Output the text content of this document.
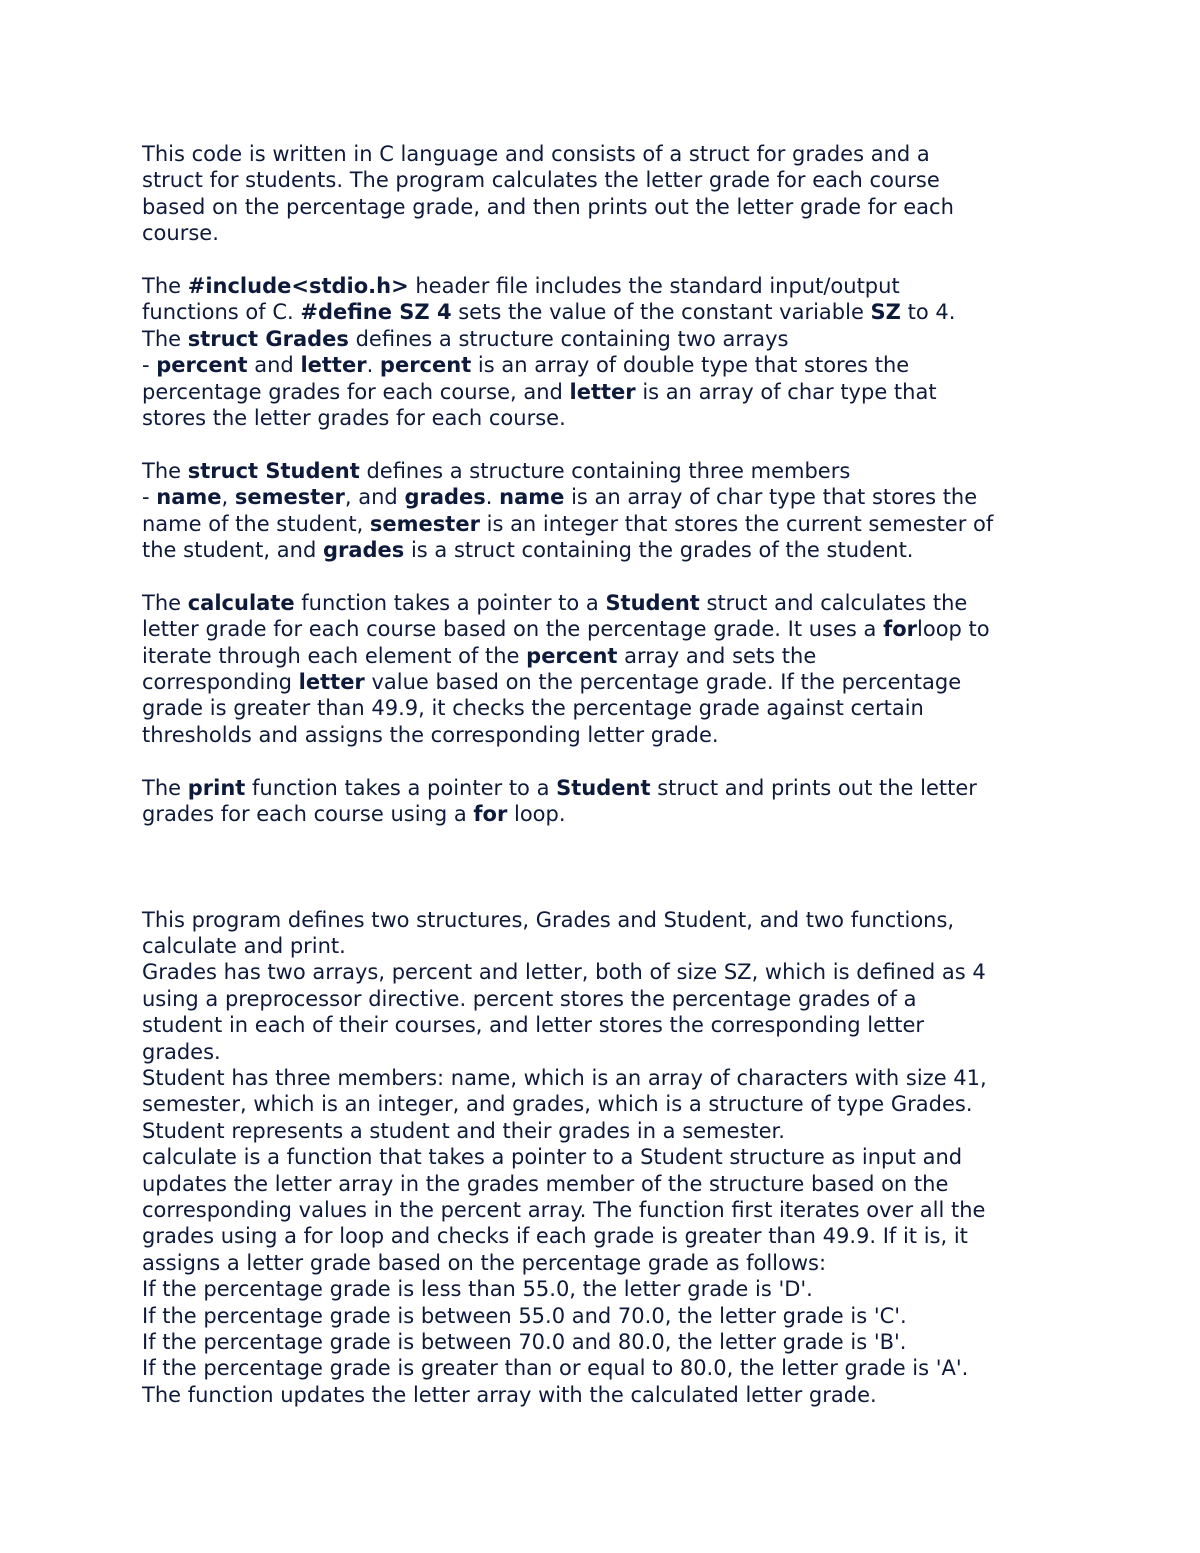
This code is written in C language and consists of a struct for grades and a
struct for students. The program calculates the letter grade for each course
based on the percentage grade, and then prints out the letter grade for each
course.
The #include<stdio.h> header file includes the standard input/output
functions of C. #define SZ 4 sets the value of the constant variable SZ to 4.
The struct Grades defines a structure containing two arrays
- percent and letter. percent is an array of double type that stores the
percentage grades for each course, and letter is an array of char type that
stores the letter grades for each course.
The struct Student defines a structure containing three members
- name, semester, and grades. name is an array of char type that stores the
name of the student, semester is an integer that stores the current semester of
the student, and grades is a struct containing the grades of the student.
The calculate function takes a pointer to a Student struct and calculates the
letter grade for each course based on the percentage grade. It uses a forloop to
iterate through each element of the percent array and sets the
corresponding letter value based on the percentage grade. If the percentage
grade is greater than 49.9, it checks the percentage grade against certain
thresholds and assigns the corresponding letter grade.
The print function takes a pointer to a Student struct and prints out the letter
grades for each course using a for loop.
This program defines two structures, Grades and Student, and two functions,
calculate and print.
Grades has two arrays, percent and letter, both of size SZ, which is defined as 4
using a preprocessor directive. percent stores the percentage grades of a
student in each of their courses, and letter stores the corresponding letter
grades.
Student has three members: name, which is an array of characters with size 41,
semester, which is an integer, and grades, which is a structure of type Grades.
Student represents a student and their grades in a semester.
calculate is a function that takes a pointer to a Student structure as input and
updates the letter array in the grades member of the structure based on the
corresponding values in the percent array. The function first iterates over all the
grades using a for loop and checks if each grade is greater than 49.9. If it is, it
assigns a letter grade based on the percentage grade as follows:
If the percentage grade is less than 55.0, the letter grade is 'D'.
If the percentage grade is between 55.0 and 70.0, the letter grade is 'C'.
If the percentage grade is between 70.0 and 80.0, the letter grade is 'B'.
If the percentage grade is greater than or equal to 80.0, the letter grade is 'A'.
The function updates the letter array with the calculated letter grade.
